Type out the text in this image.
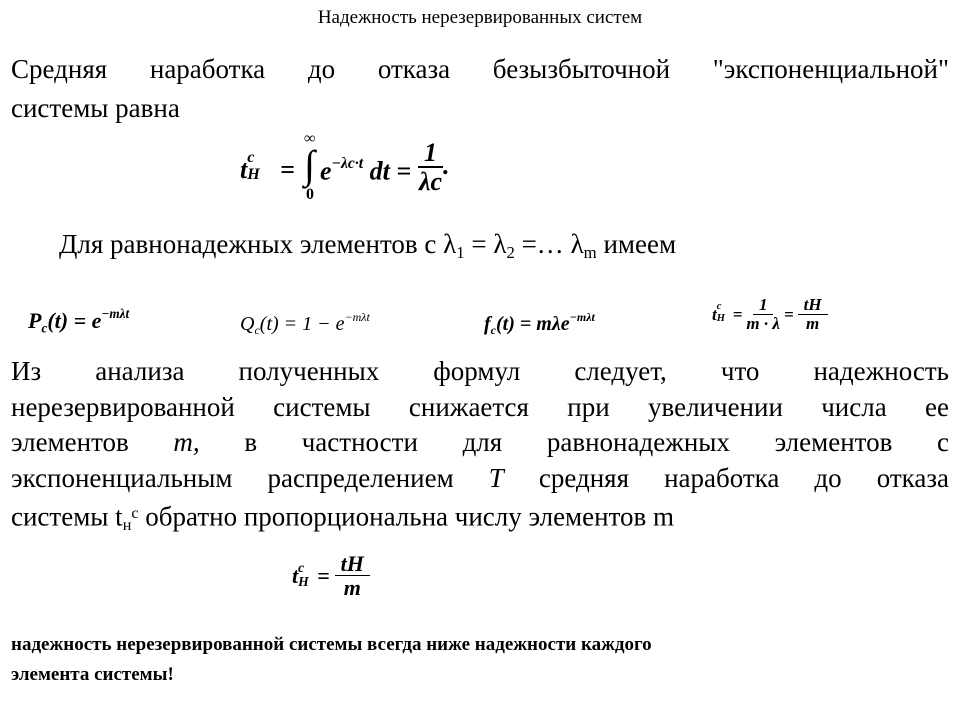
Надежность нерезервированных систем
Средняя наработка до отказа безызбыточной "экспоненциальной"
системы равна
t c
H =
∞
∫
0
$e^{-\lambda c\cdot t}$ dt = $\frac{1}{\lambda c}$ .
Для равнонадежных элементов с λ1 = λ2 =… λm имеем
$P_c(t) = e^{-m\lambda t}$	$Q_c(t) = 1 - e^{-m\lambda t}$	$f_c(t) = m\lambda e^{-m\lambda t}$	t c
$H = \frac{1}{m \cdot \lambda} = \frac{tH}{m}$
Из анализа полученных формул следует, что надежность
нерезервированной системы снижается при увеличении числа ее
элементов m, в частности для равнонадежных элементов с
экспоненциальным распределением T средняя наработка до отказа
системы $tн^c$ обратно пропорциональна числу элементов m
t c
$H = \frac{tH}{m}$
надежность нерезервированной системы всегда ниже надежности каждого
элемента системы!
